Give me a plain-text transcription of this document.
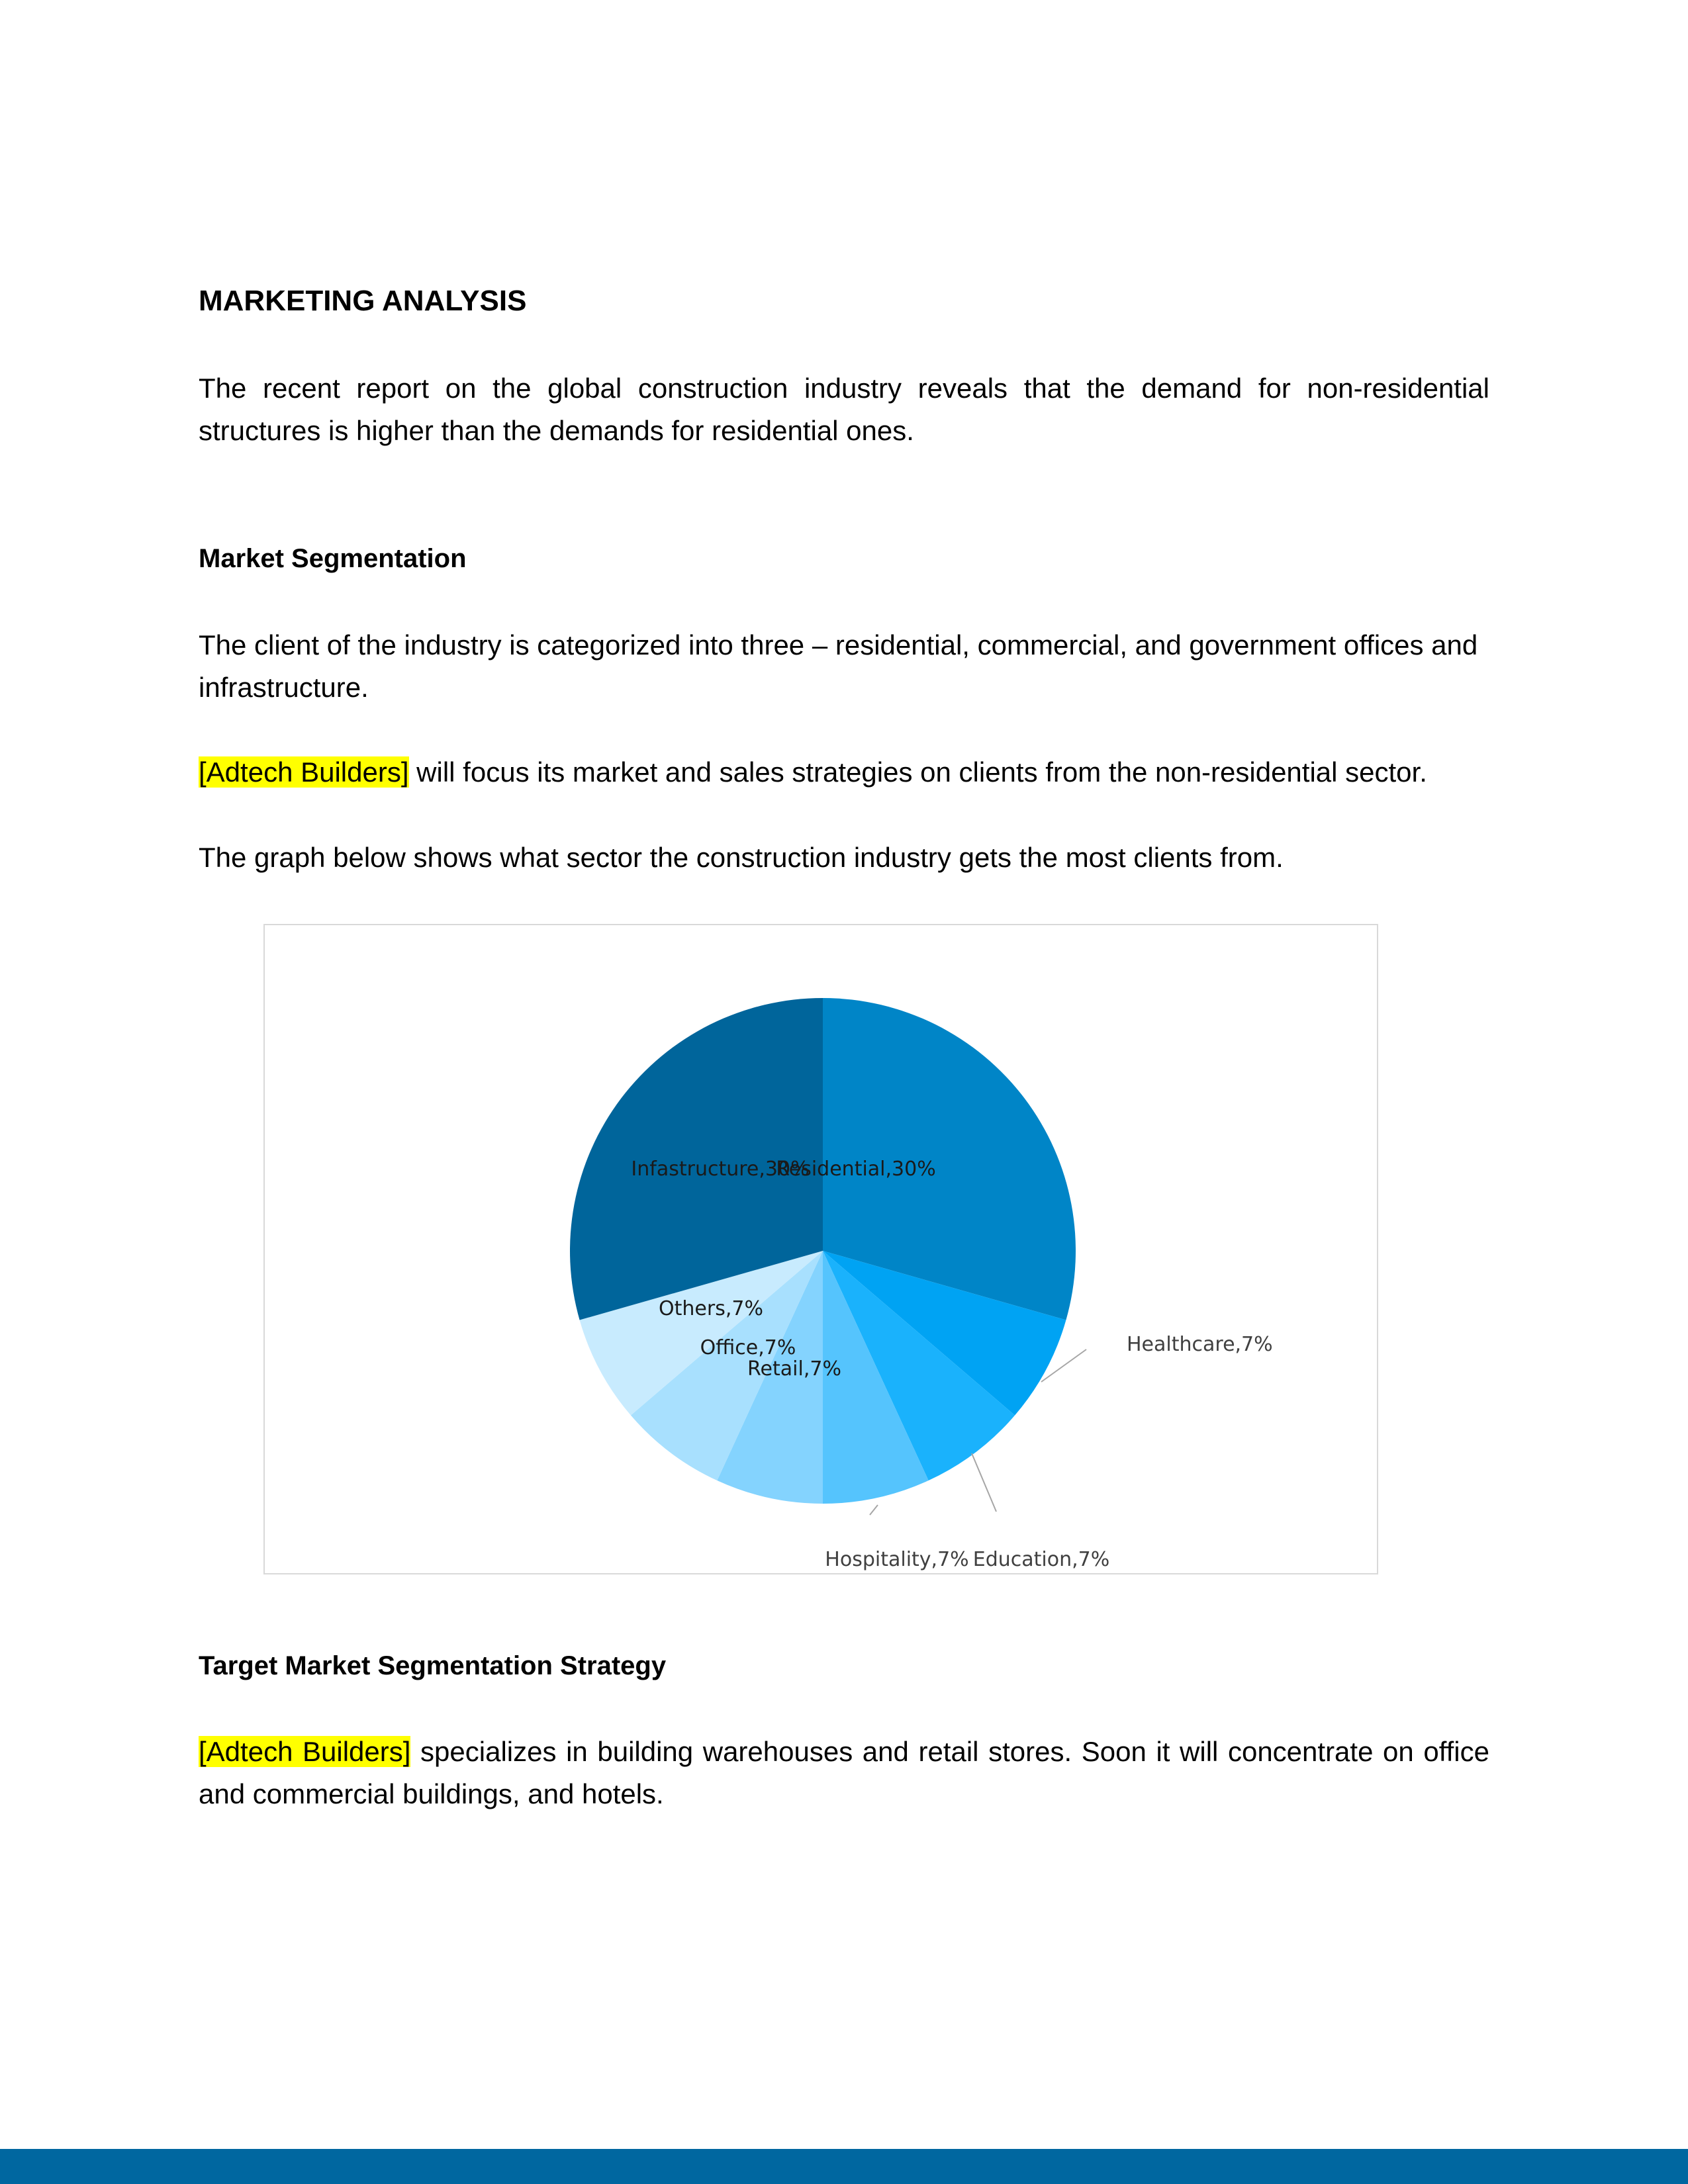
MARKETING ANALYSIS

The recent report on the global construction industry reveals that the demand for non-residential structures is higher than the demands for residential ones.

Market Segmentation

The client of the industry is categorized into three – residential, commercial, and government offices and infrastructure.

[Adtech Builders] will focus its market and sales strategies on clients from the non-residential sector.

The graph below shows what sector the construction industry gets the most clients from.

Residential,30%
Healthcare,7%
Education,7%
Hospitality,7%
Retail,7%
Office,7%
Others,7%
Infastructure,30%
Target Market Segmentation Strategy

[Adtech Builders] specializes in building warehouses and retail stores. Soon it will concentrate on office and commercial buildings, and hotels.
